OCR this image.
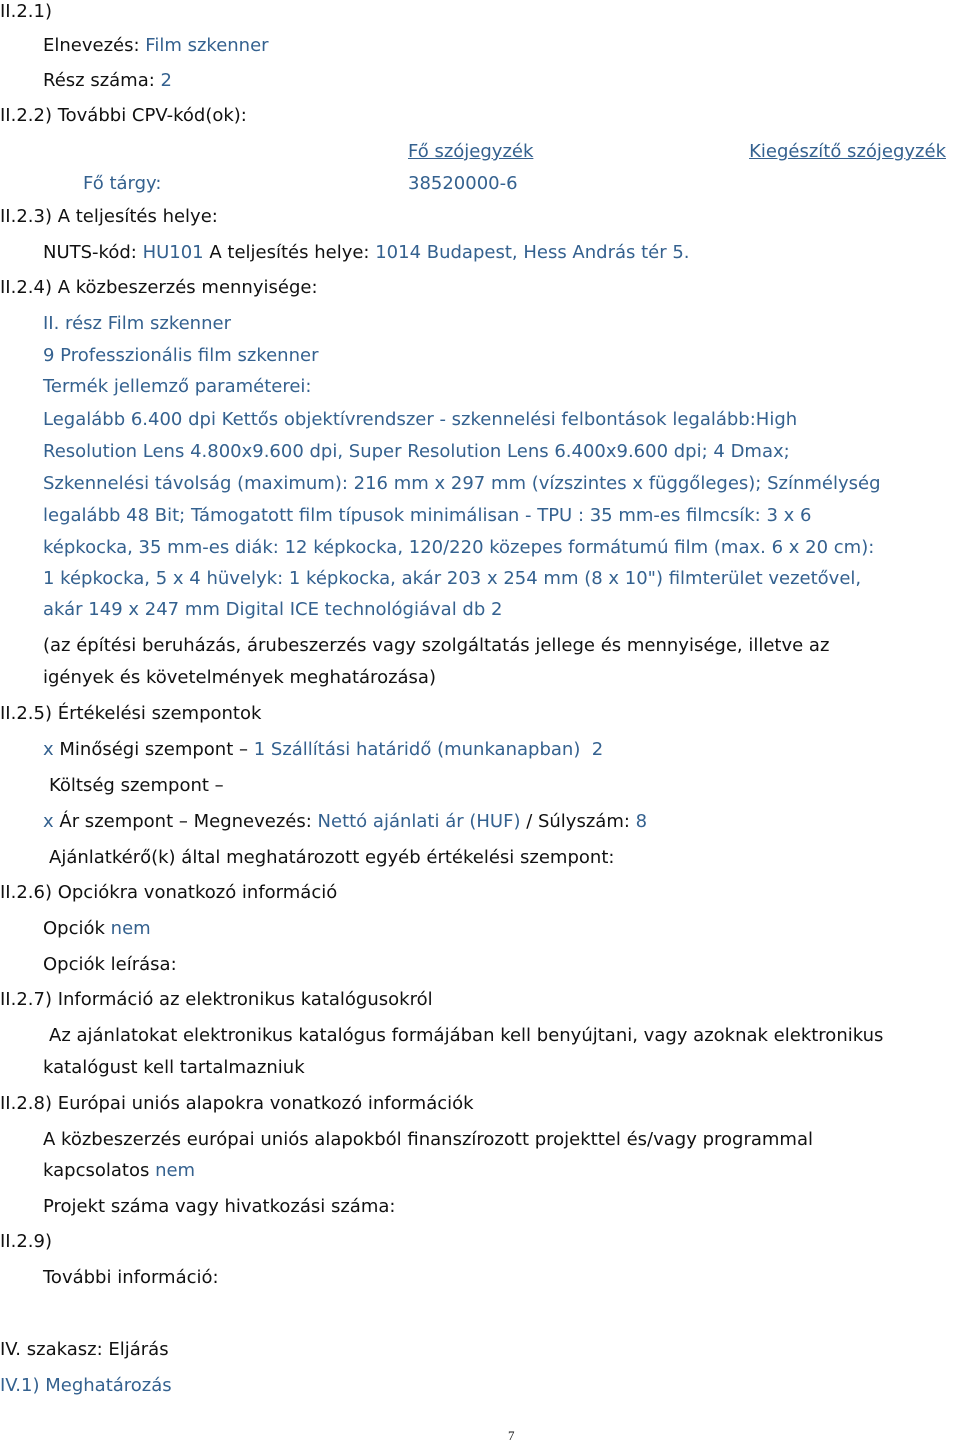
II.2.1)
Elnevezés: Film szkenner
Rész száma: 2
II.2.2) További CPV-kód(ok):
Fő szójegyzék	Kiegészítő szójegyzék
Fő tárgy:	38520000-6
II.2.3) A teljesítés helye:
NUTS-kód: HU101 A teljesítés helye: 1014 Budapest, Hess András tér 5.
II.2.4) A közbeszerzés mennyisége:
II. rész Film szkenner
9 Professzionális film szkenner
Termék jellemző paraméterei:
Legalább 6.400 dpi Kettős objektívrendszer - szkennelési felbontások legalább:High
Resolution Lens 4.800x9.600 dpi, Super Resolution Lens 6.400x9.600 dpi; 4 Dmax;
Szkennelési távolság (maximum): 216 mm x 297 mm (vízszintes x függőleges); Színmélység
legalább 48 Bit; Támogatott film típusok minimálisan - TPU : 35 mm-es filmcsík: 3 x 6
képkocka, 35 mm-es diák: 12 képkocka, 120/220 közepes formátumú film (max. 6 x 20 cm):
1 képkocka, 5 x 4 hüvelyk: 1 képkocka, akár 203 x 254 mm (8 x 10") filmterület vezetővel,
akár 149 x 247 mm Digital ICE technológiával db 2
(az építési beruházás, árubeszerzés vagy szolgáltatás jellege és mennyisége, illetve az
igények és követelmények meghatározása)
II.2.5) Értékelési szempontok
x Minőségi szempont – 1 Szállítási határidő (munkanapban) 2
Költség szempont –
x Ár szempont – Megnevezés: Nettó ajánlati ár (HUF) / Súlyszám: 8
Ajánlatkérő(k) által meghatározott egyéb értékelési szempont:
II.2.6) Opciókra vonatkozó információ
Opciók nem
Opciók leírása:
II.2.7) Információ az elektronikus katalógusokról
Az ajánlatokat elektronikus katalógus formájában kell benyújtani, vagy azoknak elektronikus
katalógust kell tartalmazniuk
II.2.8) Európai uniós alapokra vonatkozó információk
A közbeszerzés európai uniós alapokból finanszírozott projekttel és/vagy programmal
kapcsolatos nem
Projekt száma vagy hivatkozási száma:
II.2.9)
További információ:
IV. szakasz: Eljárás
IV.1) Meghatározás
7
